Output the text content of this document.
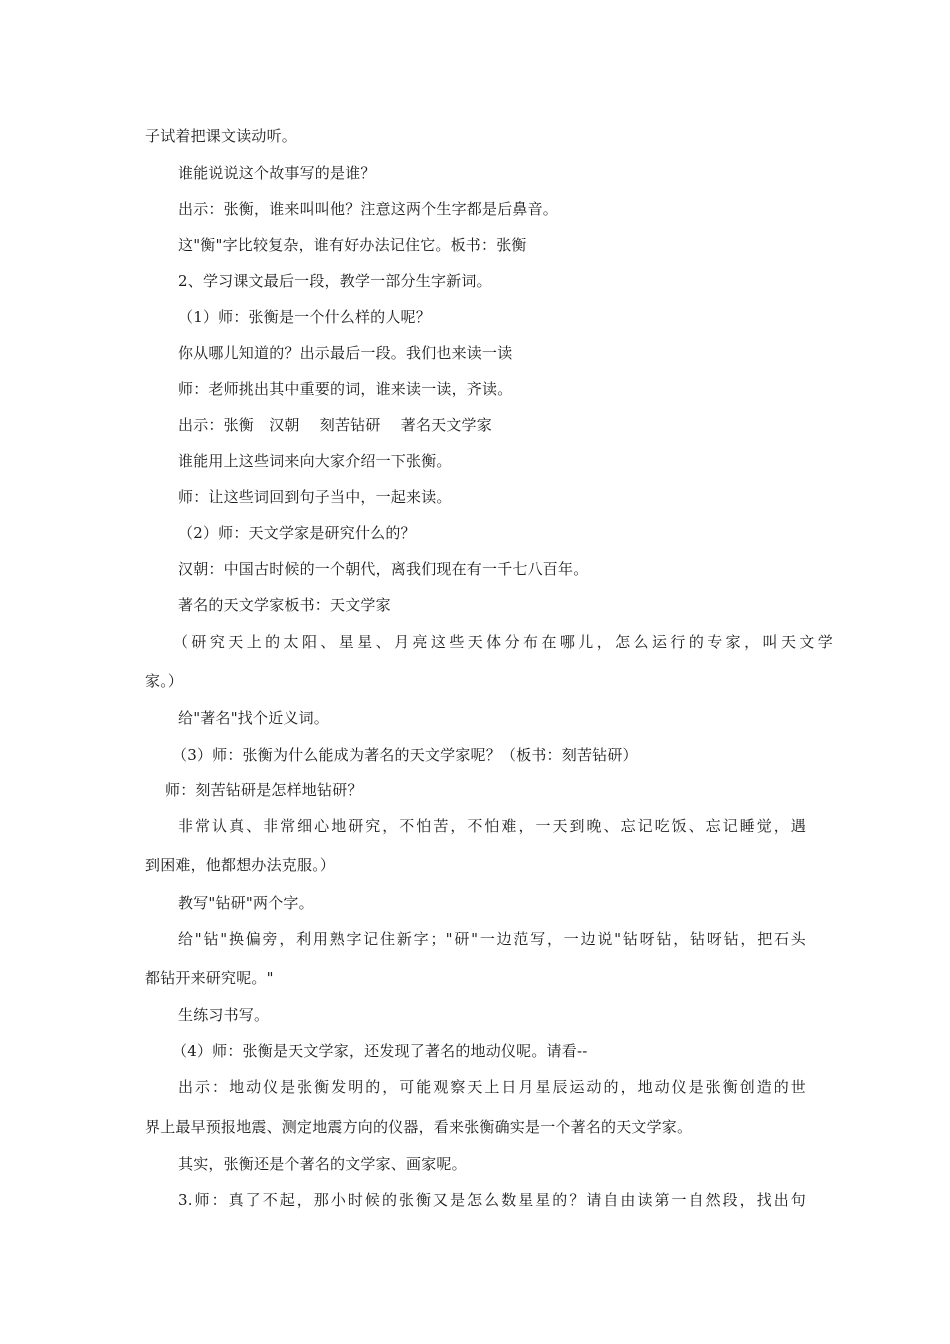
子试着把课文读动听。
谁能说说这个故事写的是谁？
出示：张衡，谁来叫叫他？注意这两个生字都是后鼻音。
这"衡"字比较复杂，谁有好办法记住它。板书：张衡
2、学习课文最后一段，教学一部分生字新词。
（1）师：张衡是一个什么样的人呢？
你从哪儿知道的？出示最后一段。我们也来读一读
师：老师挑出其中重要的词，谁来读一读，齐读。
出示：张衡　汉朝　 刻苦钻研　 著名天文学家
谁能用上这些词来向大家介绍一下张衡。
师：让这些词回到句子当中，一起来读。
（2）师：天文学家是研究什么的？
汉朝：中国古时候的一个朝代，离我们现在有一千七八百年。
著名的天文学家板书：天文学家
（研究天上的太阳、星星、月亮这些天体分布在哪儿，怎么运行的专家，叫天文学
家。）
给"著名"找个近义词。
（3）师：张衡为什么能成为著名的天文学家呢？（板书：刻苦钻研）
师：刻苦钻研是怎样地钻研？
非常认真、非常细心地研究，不怕苦，不怕难，一天到晚、忘记吃饭、忘记睡觉，遇
到困难，他都想办法克服。）
教写"钻研"两个字。
给"钻"换偏旁，利用熟字记住新字；"研"一边范写，一边说"钻呀钻，钻呀钻，把石头
都钻开来研究呢。"
生练习书写。
（4）师：张衡是天文学家，还发现了著名的地动仪呢。请看--
出示：地动仪是张衡发明的，可能观察天上日月星辰运动的，地动仪是张衡创造的世
界上最早预报地震、测定地震方向的仪器，看来张衡确实是一个著名的天文学家。
其实，张衡还是个著名的文学家、画家呢。
3.师：真了不起，那小时候的张衡又是怎么数星星的？请自由读第一自然段，找出句
